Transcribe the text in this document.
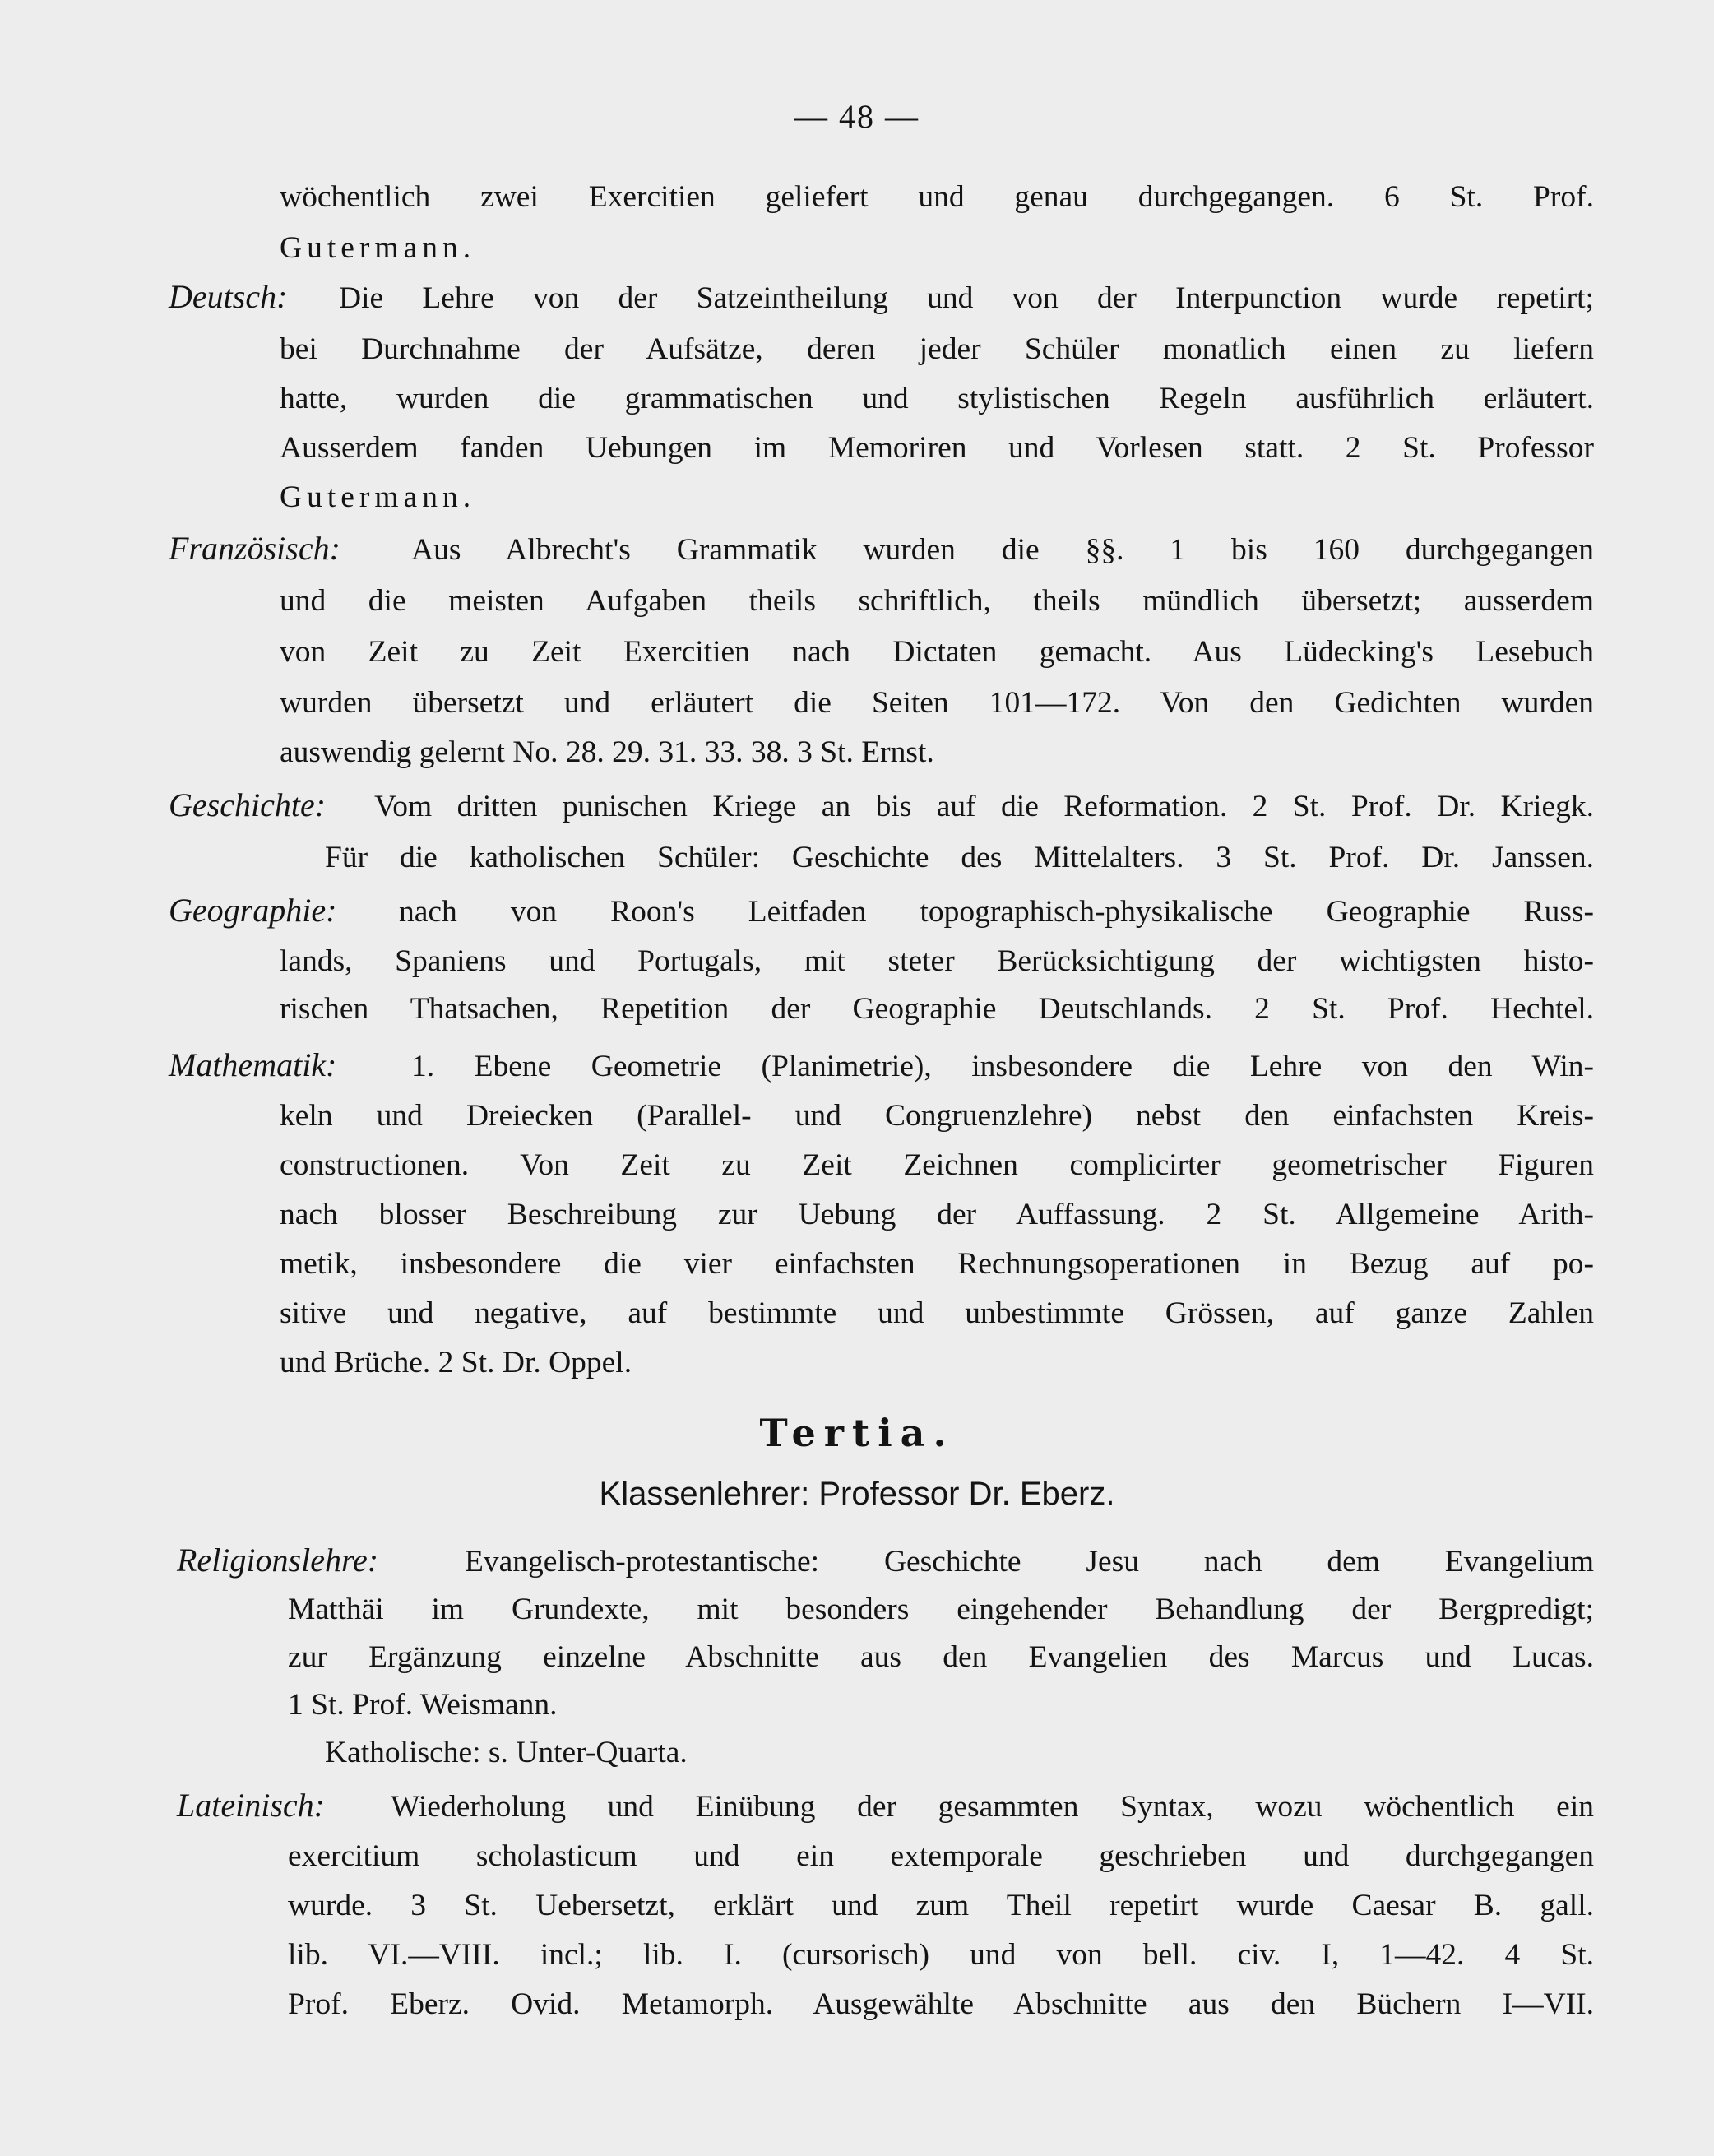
— 48 —
wöchentlich zwei Exercitien geliefert und genau durchgegangen. 6 St. Prof.
Gutermann.
Deutsch: Die Lehre von der Satzeintheilung und von der Interpunction wurde repetirt;
bei Durchnahme der Aufsätze, deren jeder Schüler monatlich einen zu liefern
hatte, wurden die grammatischen und stylistischen Regeln ausführlich erläutert.
Ausserdem fanden Uebungen im Memoriren und Vorlesen statt. 2 St. Professor
Gutermann.
Französisch: Aus Albrecht's Grammatik wurden die §§. 1 bis 160 durchgegangen
und die meisten Aufgaben theils schriftlich, theils mündlich übersetzt; ausserdem
von Zeit zu Zeit Exercitien nach Dictaten gemacht. Aus Lüdecking's Lesebuch
wurden übersetzt und erläutert die Seiten 101—172. Von den Gedichten wurden
auswendig gelernt No. 28. 29. 31. 33. 38. 3 St. Ernst.
Geschichte: Vom dritten punischen Kriege an bis auf die Reformation. 2 St. Prof. Dr. Kriegk.
Für die katholischen Schüler: Geschichte des Mittelalters. 3 St. Prof. Dr. Janssen.
Geographie: nach von Roon's Leitfaden topographisch-physikalische Geographie Russ-
lands, Spaniens und Portugals, mit steter Berücksichtigung der wichtigsten histo-
rischen Thatsachen, Repetition der Geographie Deutschlands. 2 St. Prof. Hechtel.
Mathematik: 1. Ebene Geometrie (Planimetrie), insbesondere die Lehre von den Win-
keln und Dreiecken (Parallel- und Congruenzlehre) nebst den einfachsten Kreis-
constructionen. Von Zeit zu Zeit Zeichnen complicirter geometrischer Figuren
nach blosser Beschreibung zur Uebung der Auffassung. 2 St. Allgemeine Arith-
metik, insbesondere die vier einfachsten Rechnungsoperationen in Bezug auf po-
sitive und negative, auf bestimmte und unbestimmte Grössen, auf ganze Zahlen
und Brüche. 2 St. Dr. Oppel.
Tertia.
Klassenlehrer: Professor Dr. Eberz.
Religionslehre:	Evangelisch-protestantische: Geschichte Jesu nach dem Evangelium
Matthäi im Grundexte, mit besonders eingehender Behandlung der Bergpredigt;
zur Ergänzung einzelne Abschnitte aus den Evangelien des Marcus und Lucas.
1 St. Prof. Weismann.
Katholische: s. Unter-Quarta.
Lateinisch: Wiederholung und Einübung der gesammten Syntax, wozu wöchentlich ein
exercitium scholasticum und ein extemporale geschrieben und durchgegangen
wurde. 3 St. Uebersetzt, erklärt und zum Theil repetirt wurde Caesar B. gall.
lib. VI.—VIII. incl.; lib. I. (cursorisch) und von bell. civ. I, 1—42. 4 St.
Prof. Eberz. Ovid. Metamorph. Ausgewählte Abschnitte aus den Büchern I—VII.
